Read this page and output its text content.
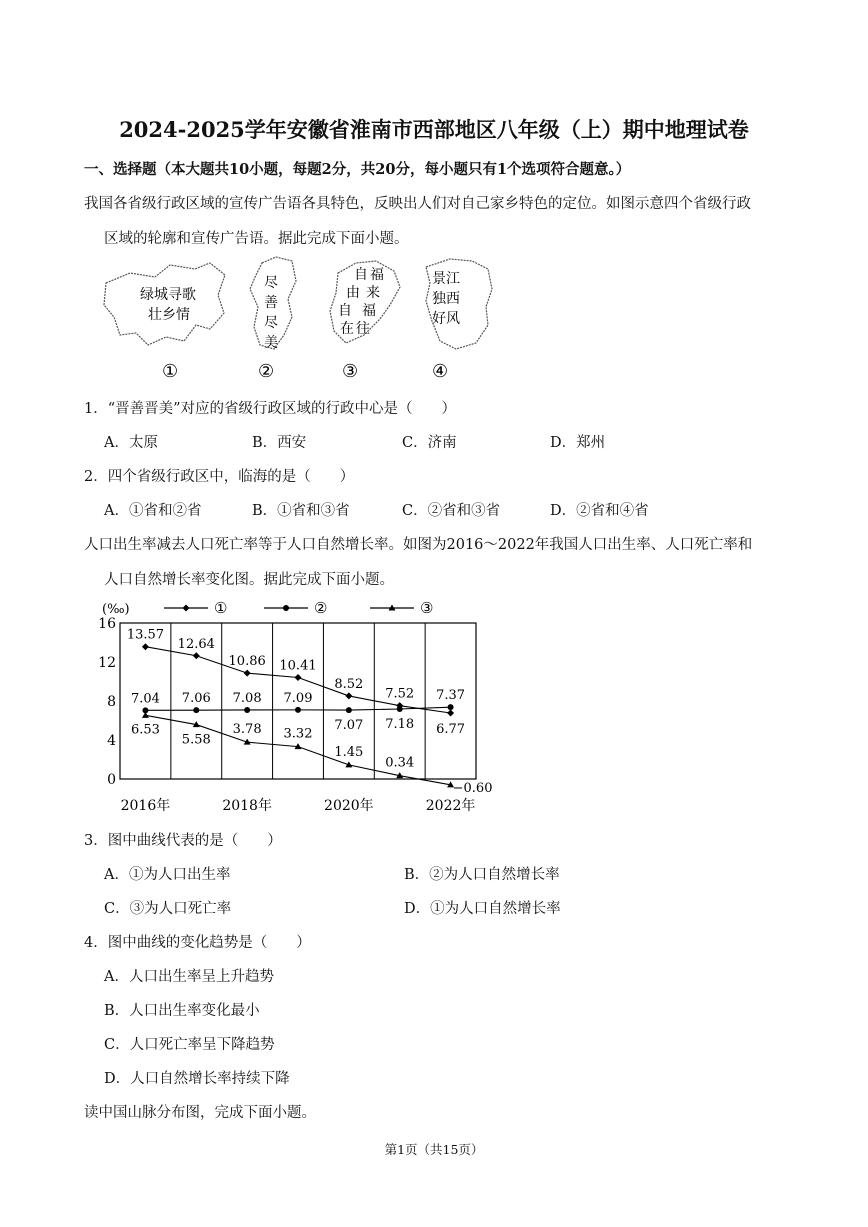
2024-2025学年安徽省淮南市西部地区八年级（上）期中地理试卷
一、选择题（本大题共10小题，每题2分，共20分，每小题只有1个选项符合题意。）
我国各省级行政区域的宣传广告语各具特色，反映出人们对自己家乡特色的定位。如图示意四个省级行政
区域的轮廓和宣传广告语。据此完成下面小题。
绿城寻歌
壮乡情
尽
善
尽
美
自
由
自
在
福
来
福
往
景江
独西
好风
①	②	③	④
1．“晋善晋美”对应的省级行政区域的行政中心是（　　）
A．太原	B．西安	C．济南	D．郑州
2．四个省级行政区中，临海的是（　　）
A．①省和②省	B．①省和③省	C．②省和③省	D．②省和④省
人口出生率减去人口死亡率等于人口自然增长率。如图为2016～2022年我国人口出生率、人口死亡率和
人口自然增长率变化图。据此完成下面小题。
0
4
8
12
16
(‰)
2016年	2018年	2020年	2022年
①	②	③
13.57
12.64
10.86 10.41
8.52
7.52
6.77
7.04 7.06 7.08 7.09
7.07 7.18
7.37
6.53
5.58
3.78 3.32
1.45
0.34
−0.60
3．图中曲线代表的是（　　）
A．①为人口出生率	B．②为人口自然增长率
C．③为人口死亡率	D．①为人口自然增长率
4．图中曲线的变化趋势是（　　）
A．人口出生率呈上升趋势
B．人口出生率变化最小
C．人口死亡率呈下降趋势
D．人口自然增长率持续下降
读中国山脉分布图，完成下面小题。
第1页（共15页）
